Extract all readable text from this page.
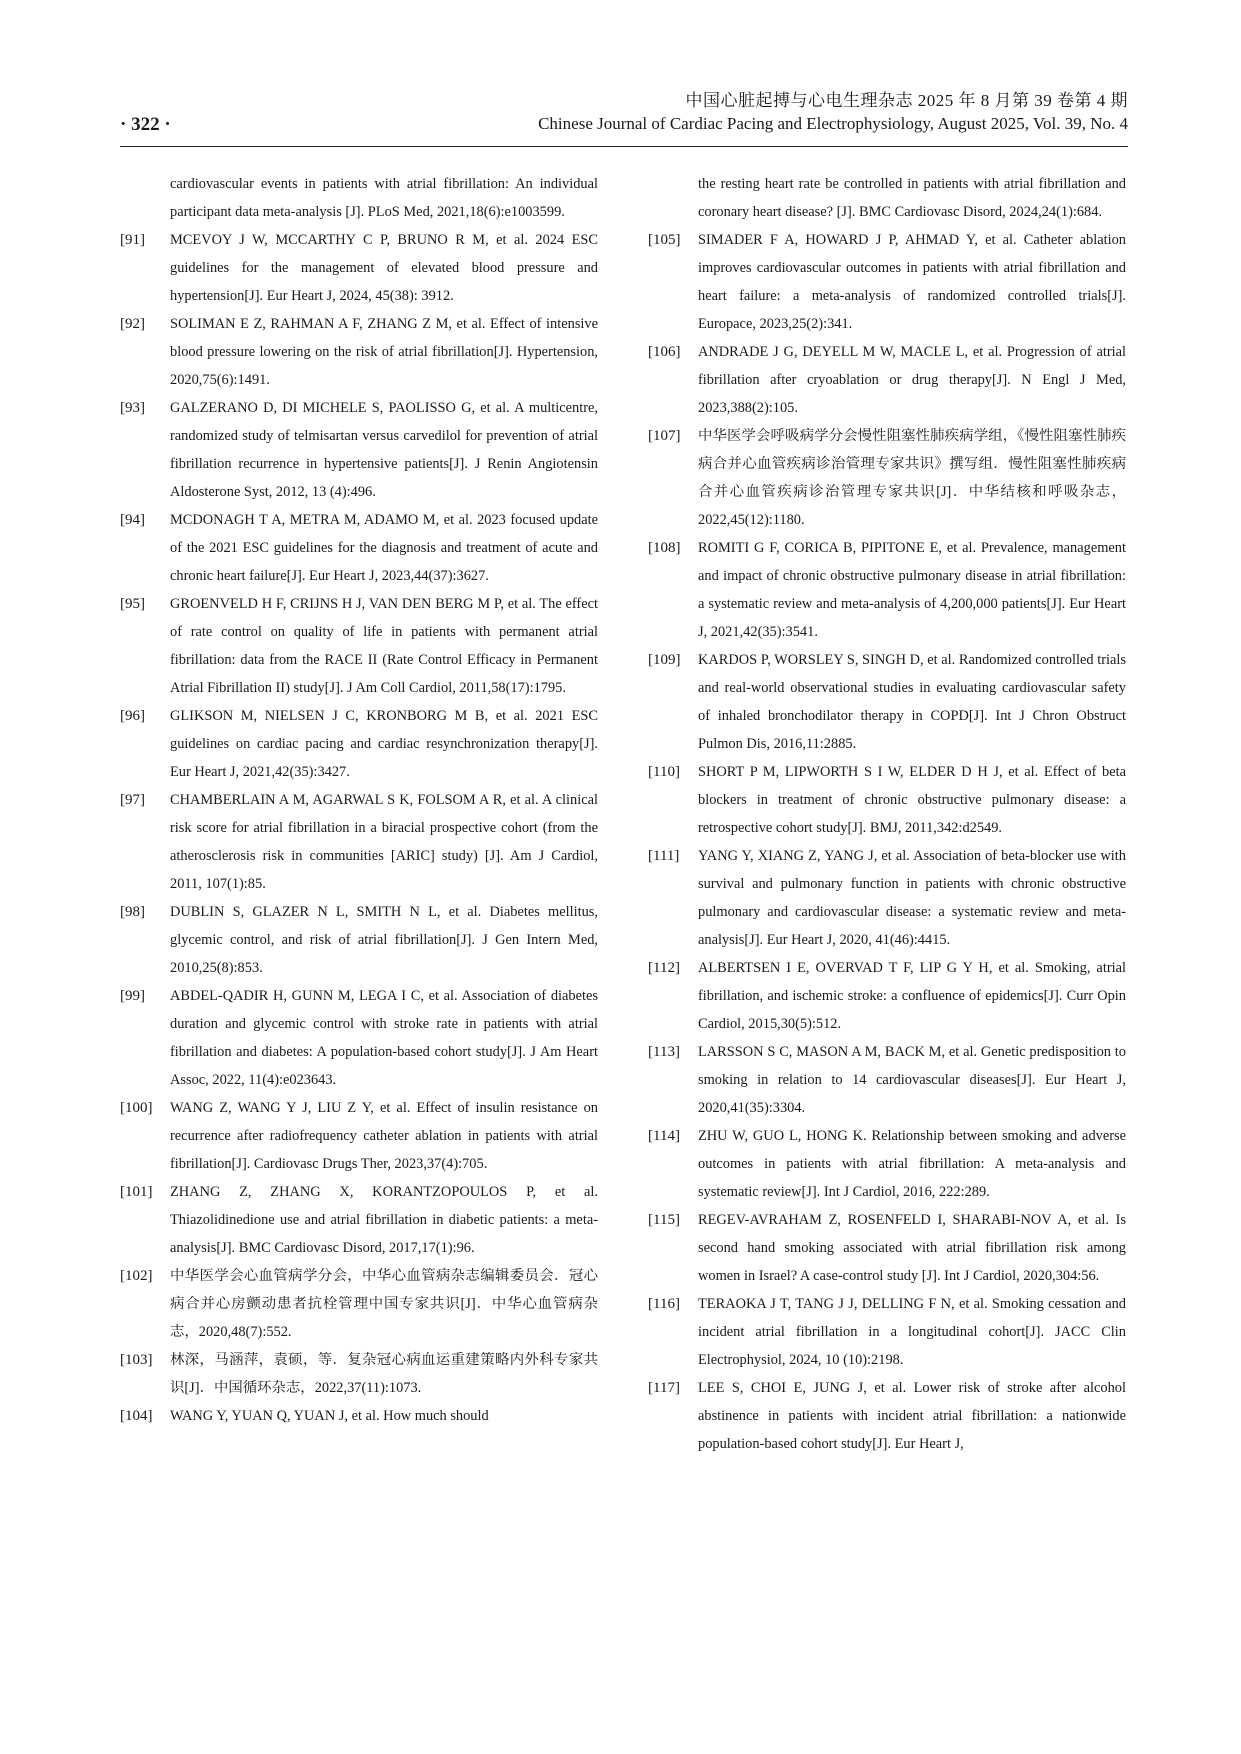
中国心脏起搏与心电生理杂志 2025 年 8 月第 39 卷第 4 期
· 322 ·	Chinese Journal of Cardiac Pacing and Electrophysiology, August 2025, Vol. 39, No. 4
cardiovascular events in patients with atrial fibrillation: An individual participant data meta-analysis [J]. PLoS Med, 2021,18(6):e1003599.
[91]	MCEVOY J W, MCCARTHY C P, BRUNO R M, et al. 2024 ESC guidelines for the management of elevated blood pressure and hypertension[J]. Eur Heart J, 2024, 45(38): 3912.
[92]	SOLIMAN E Z, RAHMAN A F, ZHANG Z M, et al. Effect of intensive blood pressure lowering on the risk of atrial fibrillation[J]. Hypertension, 2020,75(6):1491.
[93]	GALZERANO D, DI MICHELE S, PAOLISSO G, et al. A multicentre, randomized study of telmisartan versus carvedilol for prevention of atrial fibrillation recurrence in hypertensive patients[J]. J Renin Angiotensin Aldosterone Syst, 2012, 13 (4):496.
[94]	MCDONAGH T A, METRA M, ADAMO M, et al. 2023 focused update of the 2021 ESC guidelines for the diagnosis and treatment of acute and chronic heart failure[J]. Eur Heart J, 2023,44(37):3627.
[95]	GROENVELD H F, CRIJNS H J, VAN DEN BERG M P, et al. The effect of rate control on quality of life in patients with permanent atrial fibrillation: data from the RACE II (Rate Control Efficacy in Permanent Atrial Fibrillation II) study[J]. J Am Coll Cardiol, 2011,58(17):1795.
[96]	GLIKSON M, NIELSEN J C, KRONBORG M B, et al. 2021 ESC guidelines on cardiac pacing and cardiac resynchronization therapy[J]. Eur Heart J, 2021,42(35):3427.
[97]	CHAMBERLAIN A M, AGARWAL S K, FOLSOM A R, et al. A clinical risk score for atrial fibrillation in a biracial prospective cohort (from the atherosclerosis risk in communities [ARIC] study) [J]. Am J Cardiol, 2011, 107(1):85.
[98]	DUBLIN S, GLAZER N L, SMITH N L, et al. Diabetes mellitus, glycemic control, and risk of atrial fibrillation[J]. J Gen Intern Med, 2010,25(8):853.
[99]	ABDEL-QADIR H, GUNN M, LEGA I C, et al. Association of diabetes duration and glycemic control with stroke rate in patients with atrial fibrillation and diabetes: A population-based cohort study[J]. J Am Heart Assoc, 2022, 11(4):e023643.
[100]	WANG Z, WANG Y J, LIU Z Y, et al. Effect of insulin resistance on recurrence after radiofrequency catheter ablation in patients with atrial fibrillation[J]. Cardiovasc Drugs Ther, 2023,37(4):705.
[101]	ZHANG Z, ZHANG X, KORANTZOPOULOS P, et al. Thiazolidinedione use and atrial fibrillation in diabetic patients: a meta-analysis[J]. BMC Cardiovasc Disord, 2017,17(1):96.
[102]	中华医学会心血管病学分会，中华心血管病杂志编辑委员会．冠心病合并心房颤动患者抗栓管理中国专家共识[J]．中华心血管病杂志，2020,48(7):552.
[103]	林深，马涵萍，袁硕，等．复杂冠心病血运重建策略内外科专家共识[J]．中国循环杂志，2022,37(11):1073.
[104]	WANG Y, YUAN Q, YUAN J, et al. How much should
the resting heart rate be controlled in patients with atrial fibrillation and coronary heart disease? [J]. BMC Cardiovasc Disord, 2024,24(1):684.
[105]	SIMADER F A, HOWARD J P, AHMAD Y, et al. Catheter ablation improves cardiovascular outcomes in patients with atrial fibrillation and heart failure: a meta-analysis of randomized controlled trials[J]. Europace, 2023,25(2):341.
[106]	ANDRADE J G, DEYELL M W, MACLE L, et al. Progression of atrial fibrillation after cryoablation or drug therapy[J]. N Engl J Med, 2023,388(2):105.
[107]	中华医学会呼吸病学分会慢性阻塞性肺疾病学组，《慢性阻塞性肺疾病合并心血管疾病诊治管理专家共识》撰写组．慢性阻塞性肺疾病合并心血管疾病诊治管理专家共识[J]．中华结核和呼吸杂志，2022,45(12):1180.
[108]	ROMITI G F, CORICA B, PIPITONE E, et al. Prevalence, management and impact of chronic obstructive pulmonary disease in atrial fibrillation: a systematic review and meta-analysis of 4,200,000 patients[J]. Eur Heart J, 2021,42(35):3541.
[109]	KARDOS P, WORSLEY S, SINGH D, et al. Randomized controlled trials and real-world observational studies in evaluating cardiovascular safety of inhaled bronchodilator therapy in COPD[J]. Int J Chron Obstruct Pulmon Dis, 2016,11:2885.
[110]	SHORT P M, LIPWORTH S I W, ELDER D H J, et al. Effect of beta blockers in treatment of chronic obstructive pulmonary disease: a retrospective cohort study[J]. BMJ, 2011,342:d2549.
[111]	YANG Y, XIANG Z, YANG J, et al. Association of beta-blocker use with survival and pulmonary function in patients with chronic obstructive pulmonary and cardiovascular disease: a systematic review and meta-analysis[J]. Eur Heart J, 2020, 41(46):4415.
[112]	ALBERTSEN I E, OVERVAD T F, LIP G Y H, et al. Smoking, atrial fibrillation, and ischemic stroke: a confluence of epidemics[J]. Curr Opin Cardiol, 2015,30(5):512.
[113]	LARSSON S C, MASON A M, BACK M, et al. Genetic predisposition to smoking in relation to 14 cardiovascular diseases[J]. Eur Heart J, 2020,41(35):3304.
[114]	ZHU W, GUO L, HONG K. Relationship between smoking and adverse outcomes in patients with atrial fibrillation: A meta-analysis and systematic review[J]. Int J Cardiol, 2016, 222:289.
[115]	REGEV-AVRAHAM Z, ROSENFELD I, SHARABI-NOV A, et al. Is second hand smoking associated with atrial fibrillation risk among women in Israel? A case-control study [J]. Int J Cardiol, 2020,304:56.
[116]	TERAOKA J T, TANG J J, DELLING F N, et al. Smoking cessation and incident atrial fibrillation in a longitudinal cohort[J]. JACC Clin Electrophysiol, 2024, 10 (10):2198.
[117]	LEE S, CHOI E, JUNG J, et al. Lower risk of stroke after alcohol abstinence in patients with incident atrial fibrillation: a nationwide population-based cohort study[J]. Eur Heart J,
